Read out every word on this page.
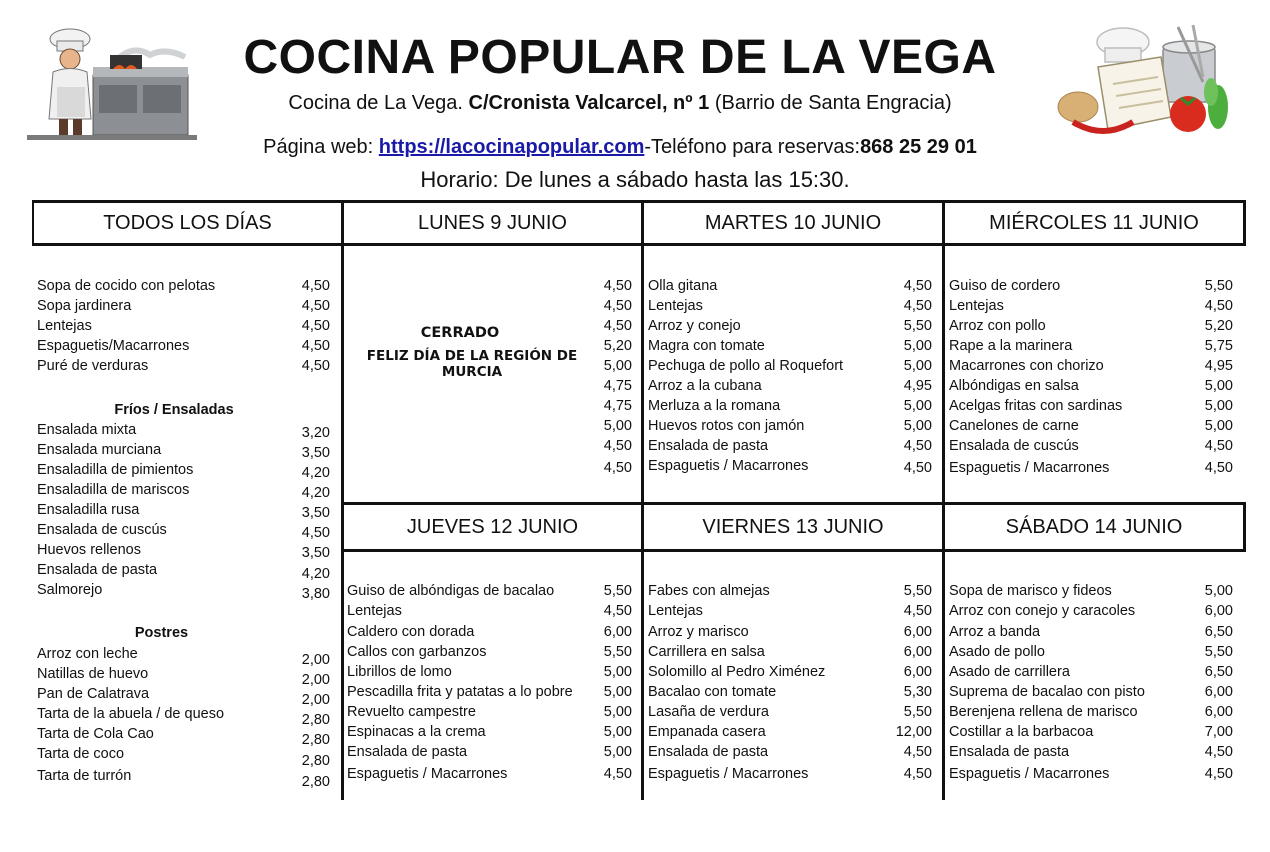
COCINA POPULAR DE LA VEGA
Cocina de La Vega. C/Cronista Valcarcel, nº 1 (Barrio de Santa Engracia)
Página web: https://lacocinapopular.com-Teléfono para reservas:868 25 29 01
Horario: De lunes a sábado hasta las 15:30.
TODOS LOS DÍAS	LUNES 9 JUNIO	MARTES 10 JUNIO	MIÉRCOLES 11 JUNIO
JUEVES 12 JUNIO	VIERNES 13 JUNIO	SÁBADO 14 JUNIO
Sopa de cocido con pelotas	4,50
Sopa jardinera	4,50
Lentejas	4,50
Espaguetis/Macarrones	4,50
Puré de verduras	4,50
Fríos / Ensaladas
Ensalada mixta	3,20
Ensalada murciana	3,50
Ensaladilla de pimientos	4,20
Ensaladilla de mariscos	4,20
Ensaladilla rusa	3,50
Ensalada de cuscús	4,50
Huevos rellenos	3,50
Ensalada de pasta	4,20
Salmorejo	3,80
Postres
Arroz con leche	2,00
Natillas de huevo	2,00
Pan de Calatrava	2,00
Tarta de la abuela / de queso	2,80
Tarta de Cola Cao	2,80
Tarta de coco	2,80
Tarta de turrón	2,80
CERRADO
FELIZ DÍA DE LA REGIÓN DE MURCIA
4,50
4,50
4,50
5,20
5,00
4,75
4,75
5,00
4,50
4,50
Olla gitana	4,50
Lentejas	4,50
Arroz y conejo	5,50
Magra con tomate	5,00
Pechuga de pollo al Roquefort	5,00
Arroz a la cubana	4,95
Merluza a la romana	5,00
Huevos rotos con jamón	5,00
Ensalada de pasta	4,50
Espaguetis / Macarrones	4,50
Guiso de cordero	5,50
Lentejas	4,50
Arroz con pollo	5,20
Rape a la marinera	5,75
Macarrones con chorizo	4,95
Albóndigas en salsa	5,00
Acelgas fritas con sardinas	5,00
Canelones de carne	5,00
Ensalada de cuscús	4,50
Espaguetis / Macarrones	4,50
Guiso de albóndigas de bacalao	5,50
Lentejas	4,50
Caldero con dorada	6,00
Callos con garbanzos	5,50
Librillos de lomo	5,00
Pescadilla frita y patatas a lo pobre	5,00
Revuelto campestre	5,00
Espinacas a la crema	5,00
Ensalada de pasta	5,00
Espaguetis / Macarrones	4,50
Fabes con almejas	5,50
Lentejas	4,50
Arroz y marisco	6,00
Carrillera en salsa	6,00
Solomillo al Pedro Ximénez	6,00
Bacalao con tomate	5,30
Lasaña de verdura	5,50
Empanada casera	12,00
Ensalada de pasta	4,50
Espaguetis / Macarrones	4,50
Sopa de marisco y fideos	5,00
Arroz con conejo y caracoles	6,00
Arroz a banda	6,50
Asado de pollo	5,50
Asado de carrillera	6,50
Suprema de bacalao con pisto	6,00
Berenjena rellena de marisco	6,00
Costillar a la barbacoa	7,00
Ensalada de pasta	4,50
Espaguetis / Macarrones	4,50
